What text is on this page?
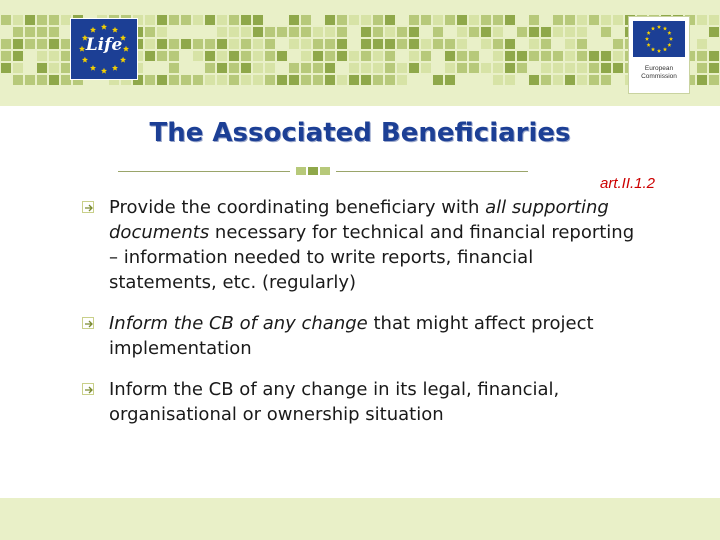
Life
European
Commission
The Associated Beneficiaries
art.II.1.2
Provide the coordinating beneficiary with all supporting documents necessary for technical and financial reporting – information needed to write reports, financial statements, etc. (regularly)
Inform the CB of any change that might affect project implementation
Inform the CB of any change in its legal, financial, organisational or ownership situation
